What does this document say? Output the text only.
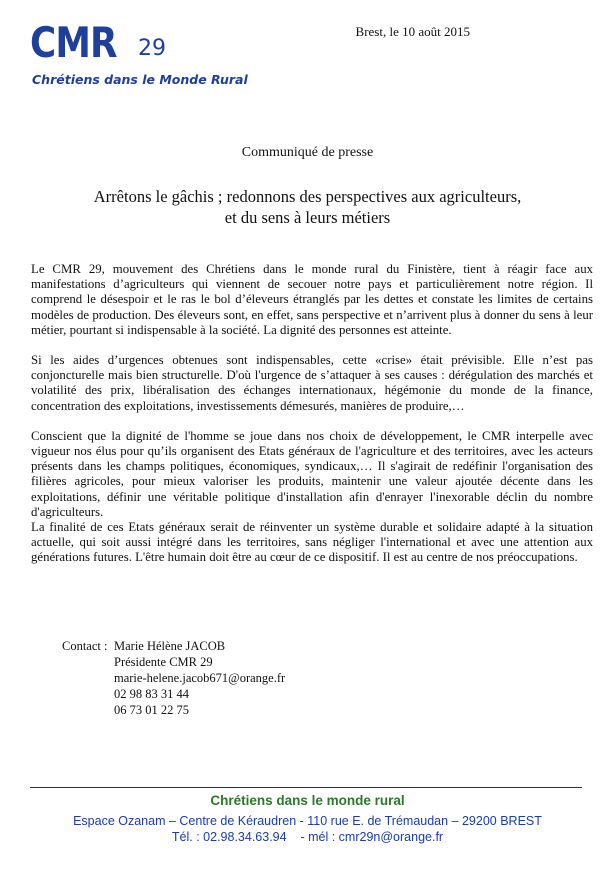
CMR 29
Chrétiens dans le Monde Rural
Brest, le 10 août 2015
Communiqué de presse
Arrêtons le gâchis ; redonnons des perspectives aux agriculteurs,
et du sens à leurs métiers

Le CMR 29, mouvement des Chrétiens dans le monde rural du Finistère, tient à réagir face aux manifestations d’agriculteurs qui viennent de secouer notre pays et particulièrement notre région. Il comprend le désespoir et le ras le bol d’éleveurs étranglés par les dettes et constate les limites de certains modèles de production. Des éleveurs sont, en effet, sans perspective et n’arrivent plus à donner du sens à leur métier, pourtant si indispensable à la société. La dignité des personnes est atteinte.

Si les aides d’urgences obtenues sont indispensables, cette «crise» était prévisible. Elle n’est pas conjoncturelle mais bien structurelle. D'où l'urgence de s’attaquer à ses causes : dérégulation des marchés et volatilité des prix, libéralisation des échanges internationaux, hégémonie du monde de la finance, concentration des exploitations, investissements démesurés, manières de produire,…

Conscient que la dignité de l'homme se joue dans nos choix de développement, le CMR interpelle avec vigueur nos élus pour qu’ils organisent des Etats généraux de l'agriculture et des territoires, avec les acteurs présents dans les champs politiques, économiques, syndicaux,… Il s'agirait de redéfinir l'organisation des filières agricoles, pour mieux valoriser les produits, maintenir une valeur ajoutée décente dans les exploitations, définir une véritable politique d'installation afin d'enrayer l'inexorable déclin du nombre d'agriculteurs.

La finalité de ces Etats généraux serait de réinventer un système durable et solidaire adapté à la situation actuelle, qui soit aussi intégré dans les territoires, sans négliger l'international et avec une attention aux générations futures. L'être humain doit être au cœur de ce dispositif. Il est au centre de nos préoccupations.

Contact : Marie Hélène JACOB
Présidente CMR 29
marie-helene.jacob671@orange.fr
02 98 83 31 44
06 73 01 22 75
Chrétiens dans le monde rural
Espace Ozanam – Centre de Kéraudren - 110 rue E. de Trémaudan – 29200 BREST
Tél. : 02.98.34.63.94    - mél : cmr29n@orange.fr
